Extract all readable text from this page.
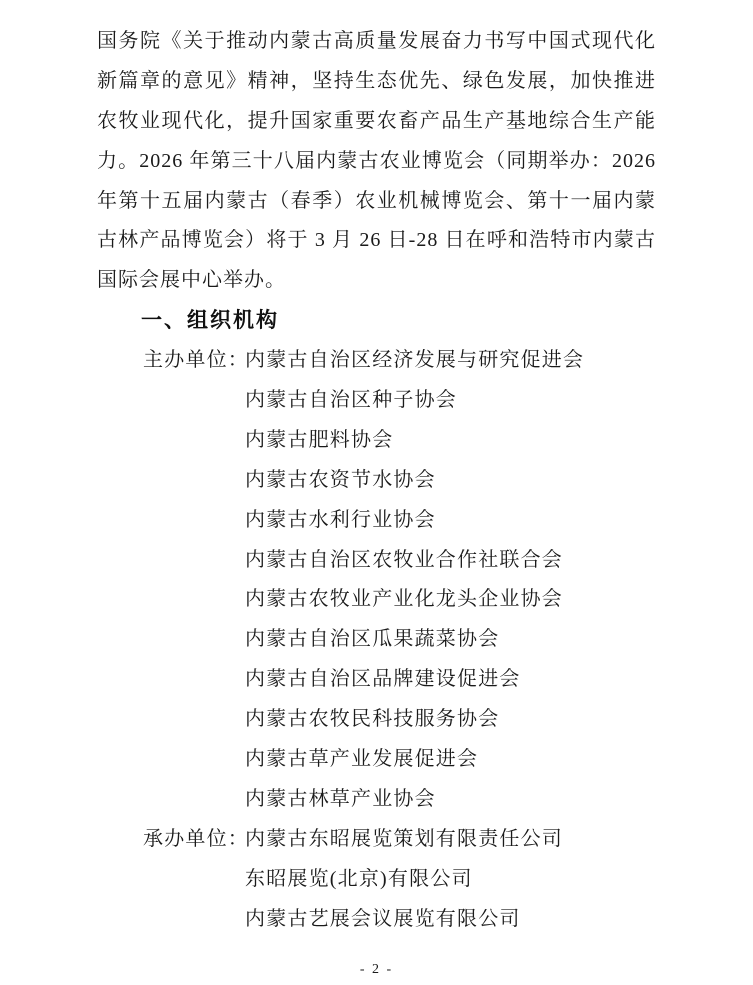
国务院《关于推动内蒙古高质量发展奋力书写中国式现代化
新篇章的意见》精神，坚持生态优先、绿色发展，加快推进
农牧业现代化，提升国家重要农畜产品生产基地综合生产能
力。2026 年第三十八届内蒙古农业博览会（同期举办：2026
年第十五届内蒙古（春季）农业机械博览会、第十一届内蒙
古林产品博览会）将于 3 月 26 日-28 日在呼和浩特市内蒙古
国际会展中心举办。
一、组织机构
主办单位：
内蒙古自治区经济发展与研究促进会
内蒙古自治区种子协会
内蒙古肥料协会
内蒙古农资节水协会
内蒙古水利行业协会
内蒙古自治区农牧业合作社联合会
内蒙古农牧业产业化龙头企业协会
内蒙古自治区瓜果蔬菜协会
内蒙古自治区品牌建设促进会
内蒙古农牧民科技服务协会
内蒙古草产业发展促进会
内蒙古林草产业协会
承办单位：
内蒙古东昭展览策划有限责任公司
东昭展览(北京)有限公司
内蒙古艺展会议展览有限公司
- 2 -
